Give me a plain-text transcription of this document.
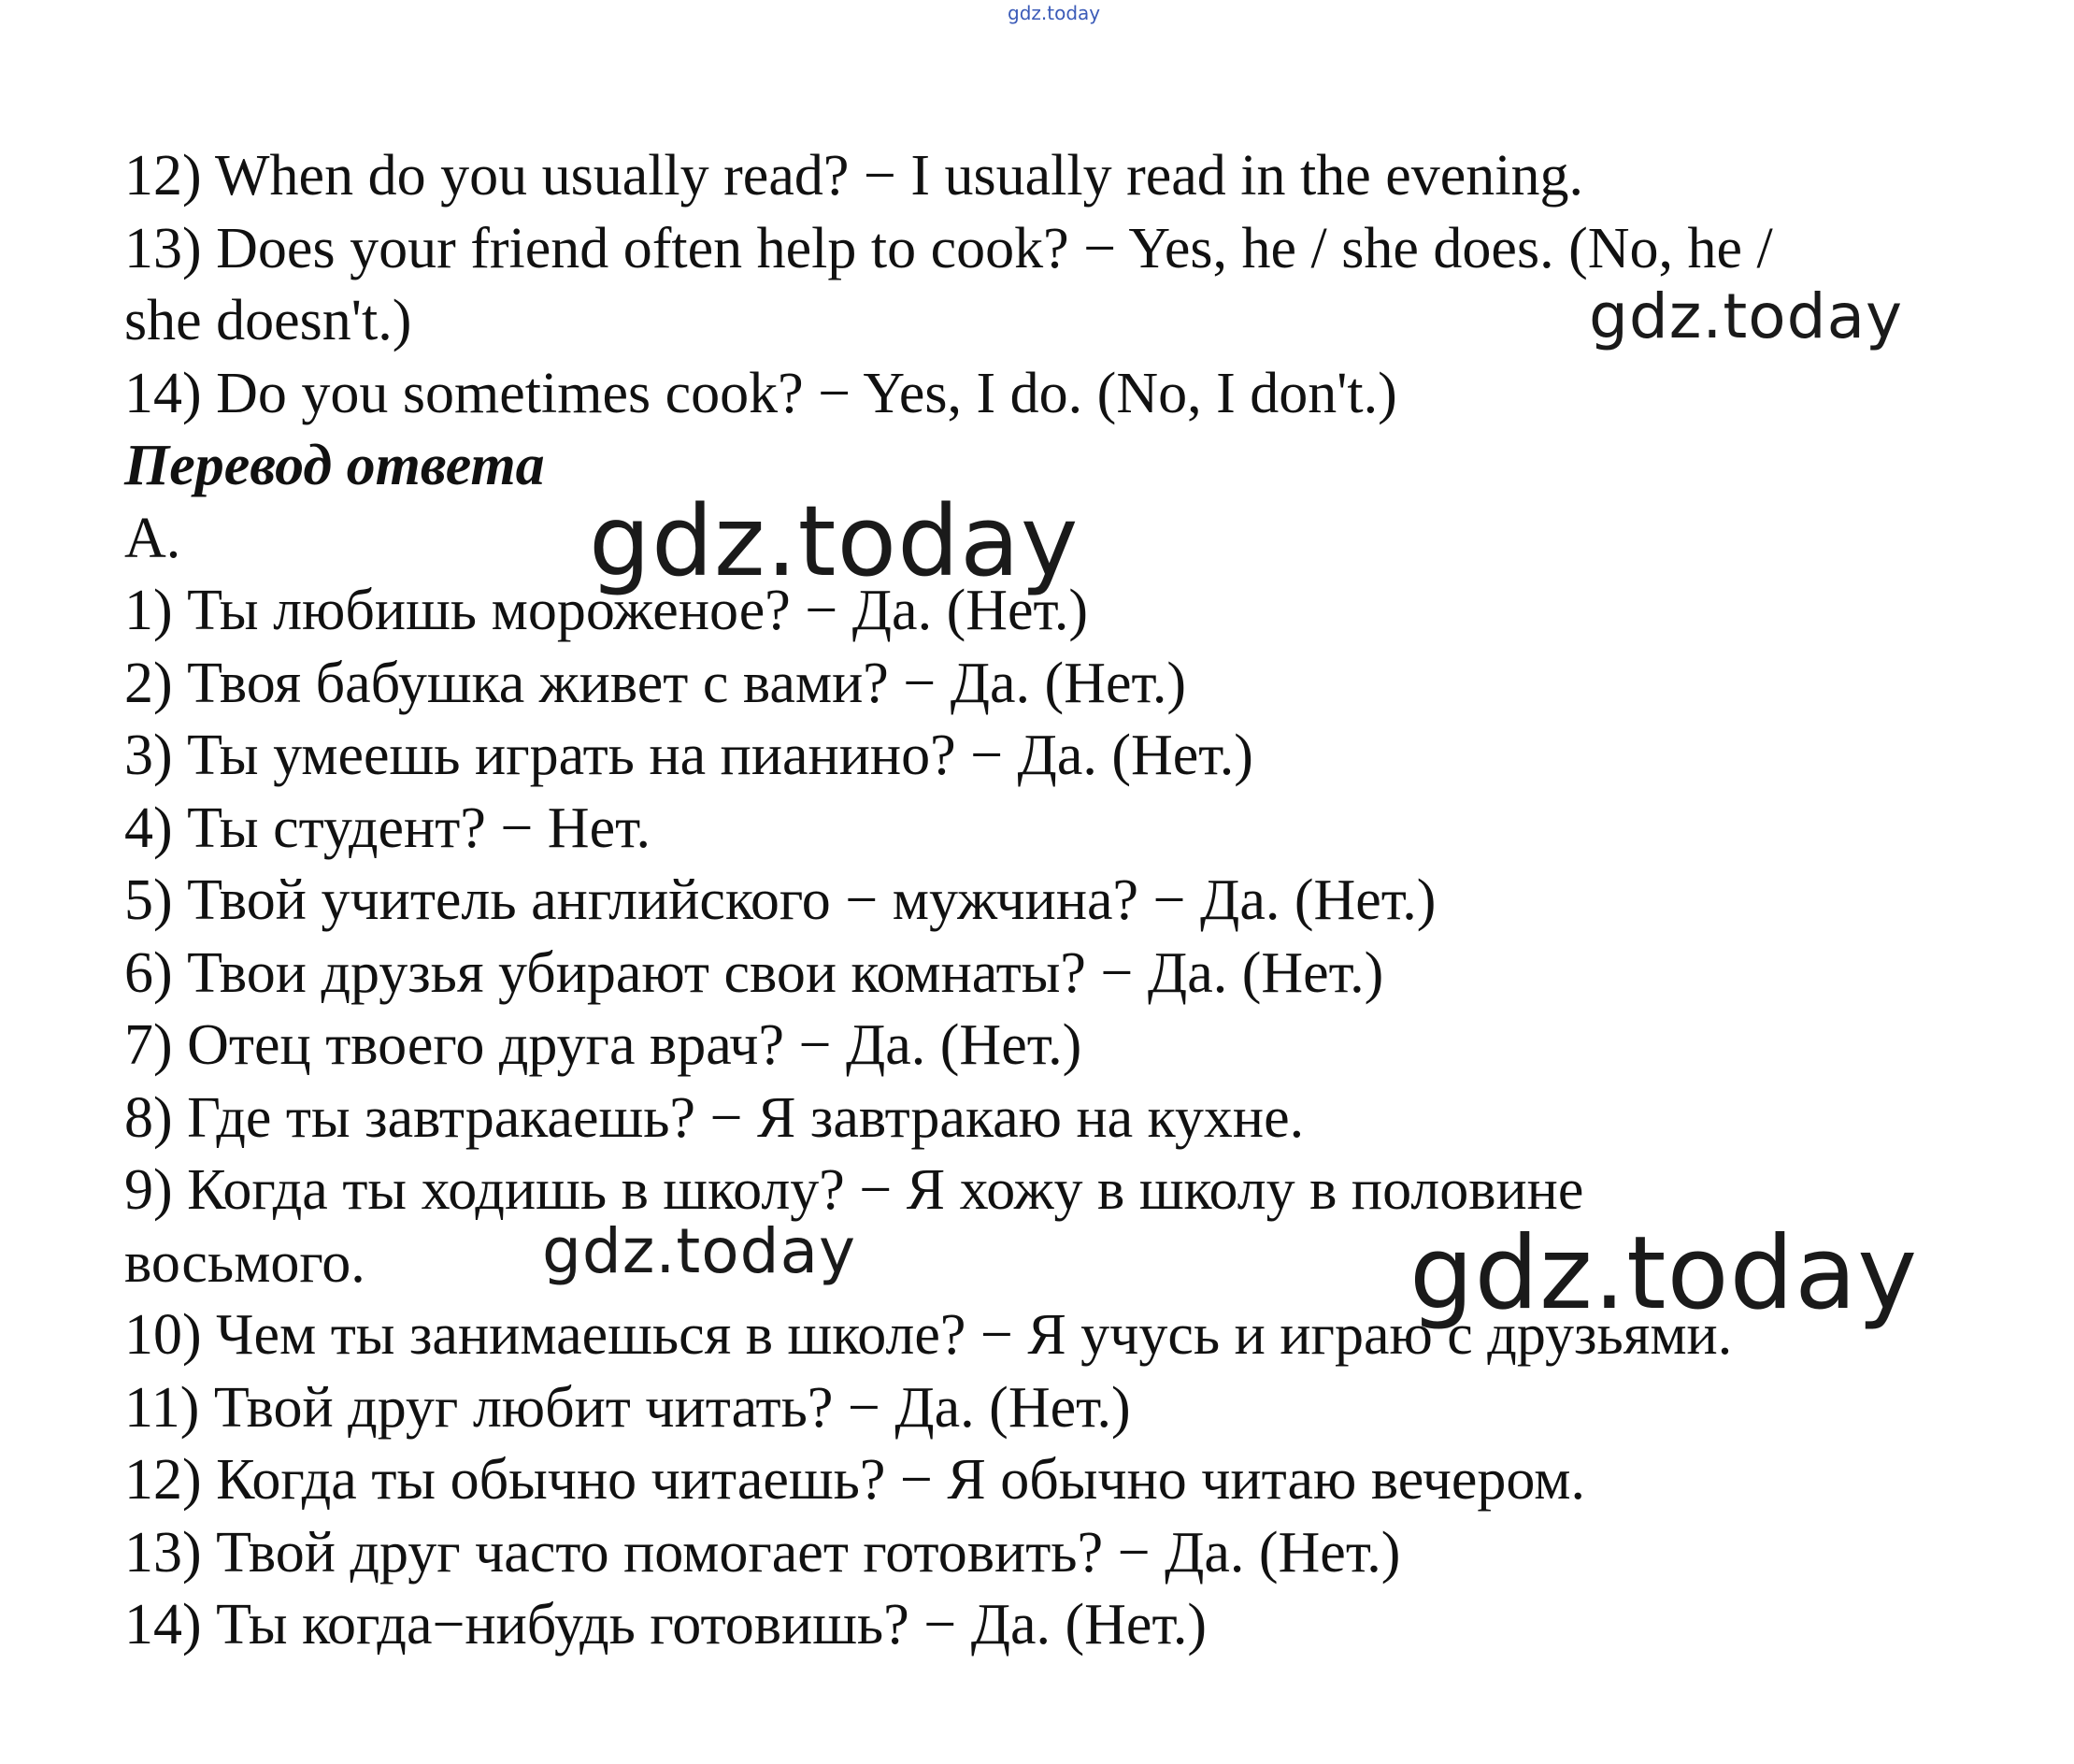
12) When do you usually read? − I usually read in the evening.

13) Does your friend often help to cook? − Yes, he / she does. (No, he /

she doesn't.)

14) Do you sometimes cook? − Yes, I do. (No, I don't.)

Перевод ответа

А.

1) Ты любишь мороженое? − Да. (Нет.)

2) Твоя бабушка живет с вами? − Да. (Нет.)

3) Ты умеешь играть на пианино? − Да. (Нет.)

4) Ты студент? − Нет.

5) Твой учитель английского − мужчина? − Да. (Нет.)

6) Твои друзья убирают свои комнаты? − Да. (Нет.)

7) Отец твоего друга врач? − Да. (Нет.)

8) Где ты завтракаешь? − Я завтракаю на кухне.

9) Когда ты ходишь в школу? − Я хожу в школу в половине

восьмого.

10) Чем ты занимаешься в школе? − Я учусь и играю с друзьями.

11) Твой друг любит читать? − Да. (Нет.)

12) Когда ты обычно читаешь? − Я обычно читаю вечером.

13) Твой друг часто помогает готовить? − Да. (Нет.)

14) Ты когда−нибудь готовишь? − Да. (Нет.)

gdz.today
gdz.today
gdz.today
gdz.today	gdz.today
